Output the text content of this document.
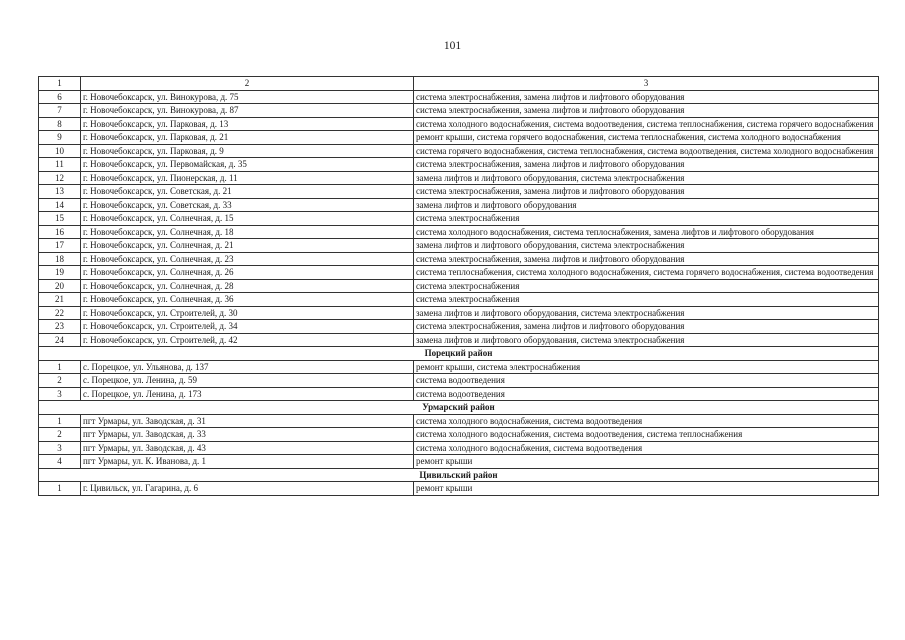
101
1	2	3
6	г. Новочебоксарск, ул. Винокурова, д. 75	система электроснабжения, замена лифтов и лифтового оборудования
7	г. Новочебоксарск, ул. Винокурова, д. 87	система электроснабжения, замена лифтов и лифтового оборудования
8	г. Новочебоксарск, ул. Парковая, д. 13	система холодного водоснабжения, система водоотведения, система теплоснабжения, система горячего водоснабжения
9	г. Новочебоксарск, ул. Парковая, д. 21	ремонт крыши, система горячего водоснабжения, система теплоснабжения, система холодного водоснабжения
10	г. Новочебоксарск, ул. Парковая, д. 9	система горячего водоснабжения, система теплоснабжения, система водоотведения, система холодного водоснабжения
11	г. Новочебоксарск, ул. Первомайская, д. 35	система электроснабжения, замена лифтов и лифтового оборудования
12	г. Новочебоксарск, ул. Пионерская, д. 11	замена лифтов и лифтового оборудования, система электроснабжения
13	г. Новочебоксарск, ул. Советская, д. 21	система электроснабжения, замена лифтов и лифтового оборудования
14	г. Новочебоксарск, ул. Советская, д. 33	замена лифтов и лифтового оборудования
15	г. Новочебоксарск, ул. Солнечная, д. 15	система электроснабжения
16	г. Новочебоксарск, ул. Солнечная, д. 18	система холодного водоснабжения, система теплоснабжения, замена лифтов и лифтового оборудования
17	г. Новочебоксарск, ул. Солнечная, д. 21	замена лифтов и лифтового оборудования, система электроснабжения
18	г. Новочебоксарск, ул. Солнечная, д. 23	система электроснабжения, замена лифтов и лифтового оборудования
19	г. Новочебоксарск, ул. Солнечная, д. 26	система теплоснабжения, система холодного водоснабжения, система горячего водоснабжения, система водоотведения
20	г. Новочебоксарск, ул. Солнечная, д. 28	система электроснабжения
21	г. Новочебоксарск, ул. Солнечная, д. 36	система электроснабжения
22	г. Новочебоксарск, ул. Строителей, д. 30	замена лифтов и лифтового оборудования, система электроснабжения
23	г. Новочебоксарск, ул. Строителей, д. 34	система электроснабжения, замена лифтов и лифтового оборудования
24	г. Новочебоксарск, ул. Строителей, д. 42	замена лифтов и лифтового оборудования, система электроснабжения
Порецкий район		
1	с. Порецкое, ул. Ульянова, д. 137	ремонт крыши, система электроснабжения
2	с. Порецкое, ул. Ленина, д. 59	система водоотведения
3	с. Порецкое, ул. Ленина, д. 173	система водоотведения
Урмарский район		
1	пгт Урмары, ул. Заводская, д. 31	система холодного водоснабжения, система водоотведения
2	пгт Урмары, ул. Заводская, д. 33	система холодного водоснабжения, система водоотведения, система теплоснабжения
3	пгт Урмары, ул. Заводская, д. 43	система холодного водоснабжения, система водоотведения
4	пгт Урмары, ул. К. Иванова, д. 1	ремонт крыши
Цивильский район		
1	г. Цивильск, ул. Гагарина, д. 6	ремонт крыши
